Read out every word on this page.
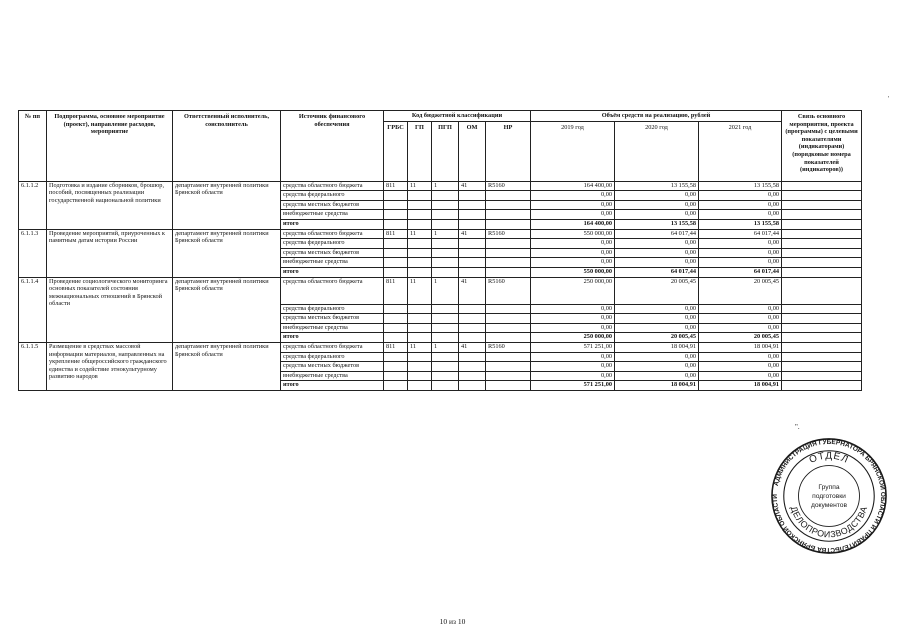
№ пп	Подпрограмма, основное мероприятие (проект), направление расходов, мероприятие	Ответственный исполнитель, соисполнитель	Источник финансового обеспечения	Код бюджетной классификации					Объём средств на реализацию, рублей			Связь основного мероприятия, проекта (программы) с целевыми показателями (индикаторами) (порядковые номера показателей (индикаторов))
				ГРБС	ГП	ПГП	ОМ	НР	2019 год	2020 год	2021 год	
6.1.1.2	Подготовка и издание сборников, брошюр, пособий, посвященных реализации государственной национальной политики	департамент внутренней политики Брянской области	средства областного бюджета	811	11	1	41	R5160	164 400,00	13 155,58	13 155,58	
			средства федерального						0,00	0,00	0,00	
			средства местных бюджетов						0,00	0,00	0,00	
			внебюджетные средства						0,00	0,00	0,00	
			итого						164 400,00	13 155,58	13 155,58	
6.1.1.3	Проведение мероприятий, приуроченных к памятным датам истории России	департамент внутренней политики Брянской области	средства областного бюджета	811	11	1	41	R5160	550 000,00	64 017,44	64 017,44	
			средства федерального						0,00	0,00	0,00	
			средства местных бюджетов						0,00	0,00	0,00	
			внебюджетные средства						0,00	0,00	0,00	
			итого						550 000,00	64 017,44	64 017,44	
6.1.1.4	Проведение социологического мониторинга основных показателей состояния межнациональных отношений в Брянской области	департамент внутренней политики Брянской области	средства областного бюджета	811	11	1	41	R5160	250 000,00	20 005,45	20 005,45	
			средства федерального						0,00	0,00	0,00	
			средства местных бюджетов						0,00	0,00	0,00	
			внебюджетные средства						0,00	0,00	0,00	
			итого						250 000,00	20 005,45	20 005,45	
6.1.1.5	Размещение в средствах массовой информации материалов, направленных на укрепление общероссийского гражданского единства и содействие этнокультурному развитию народов	департамент внутренней политики Брянской области	средства областного бюджета	811	11	1	41	R5160	571 251,00	18 004,91	18 004,91	
			средства федерального						0,00	0,00	0,00	
			средства местных бюджетов						0,00	0,00	0,00	
			внебюджетные средства						0,00	0,00	0,00	
			итого						571 251,00	18 004,91	18 004,91	
".
'
10 из 10
АДМИНИСТРАЦИЯ ГУБЕРНАТОРА БРЯНСКОЙ ОБЛАСТИ И ПРАВИТЕЛЬСТВА БРЯНСКОЙ ОБЛАСТИ
ОТДЕЛ
ДЕЛОПРОИЗВОДСТВА
Группа
подготовки
документов
